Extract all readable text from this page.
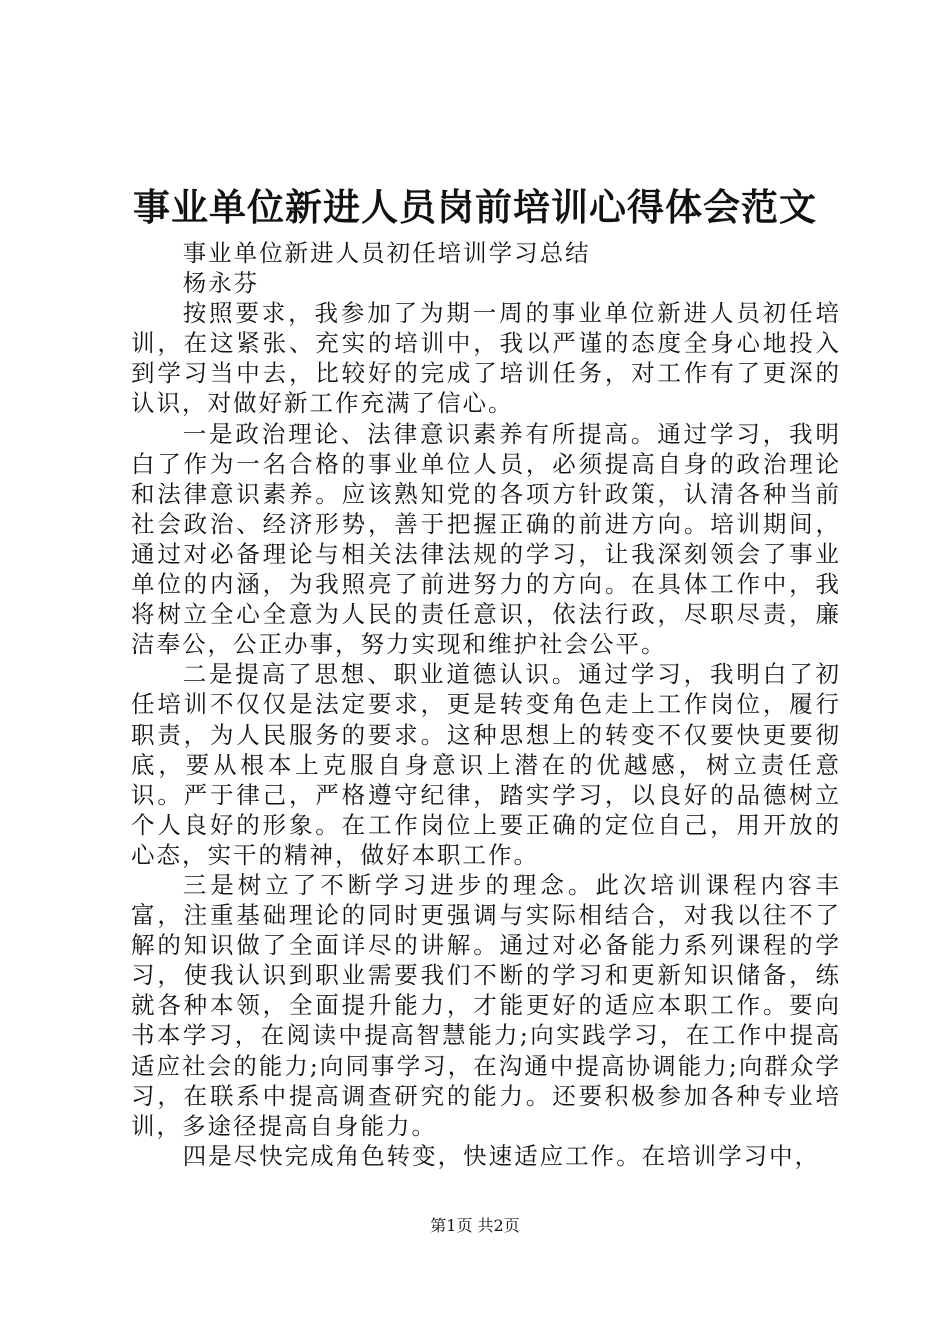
事业单位新进人员岗前培训心得体会范文

事业单位新进人员初任培训学习总结

杨永芬

按照要求，我参加了为期一周的事业单位新进人员初任培训，在这紧张、充实的培训中，我以严谨的态度全身心地投入到学习当中去，比较好的完成了培训任务，对工作有了更深的认识，对做好新工作充满了信心。

一是政治理论、法律意识素养有所提高。通过学习，我明白了作为一名合格的事业单位人员，必须提高自身的政治理论和法律意识素养。应该熟知党的各项方针政策，认清各种当前社会政治、经济形势，善于把握正确的前进方向。培训期间，通过对必备理论与相关法律法规的学习，让我深刻领会了事业单位的内涵，为我照亮了前进努力的方向。在具体工作中，我将树立全心全意为人民的责任意识，依法行政，尽职尽责，廉洁奉公，公正办事，努力实现和维护社会公平。

二是提高了思想、职业道德认识。通过学习，我明白了初任培训不仅仅是法定要求，更是转变角色走上工作岗位，履行职责，为人民服务的要求。这种思想上的转变不仅要快更要彻底，要从根本上克服自身意识上潜在的优越感，树立责任意识。严于律己，严格遵守纪律，踏实学习，以良好的品德树立个人良好的形象。在工作岗位上要正确的定位自己，用开放的心态，实干的精神，做好本职工作。

三是树立了不断学习进步的理念。此次培训课程内容丰富，注重基础理论的同时更强调与实际相结合，对我以往不了解的知识做了全面详尽的讲解。通过对必备能力系列课程的学习，使我认识到职业需要我们不断的学习和更新知识储备，练就各种本领，全面提升能力，才能更好的适应本职工作。要向书本学习，在阅读中提高智慧能力;向实践学习，在工作中提高适应社会的能力;向同事学习，在沟通中提高协调能力;向群众学习，在联系中提高调查研究的能力。还要积极参加各种专业培训，多途径提高自身能力。

四是尽快完成角色转变，快速适应工作。在培训学习中，

第1页 共2页
